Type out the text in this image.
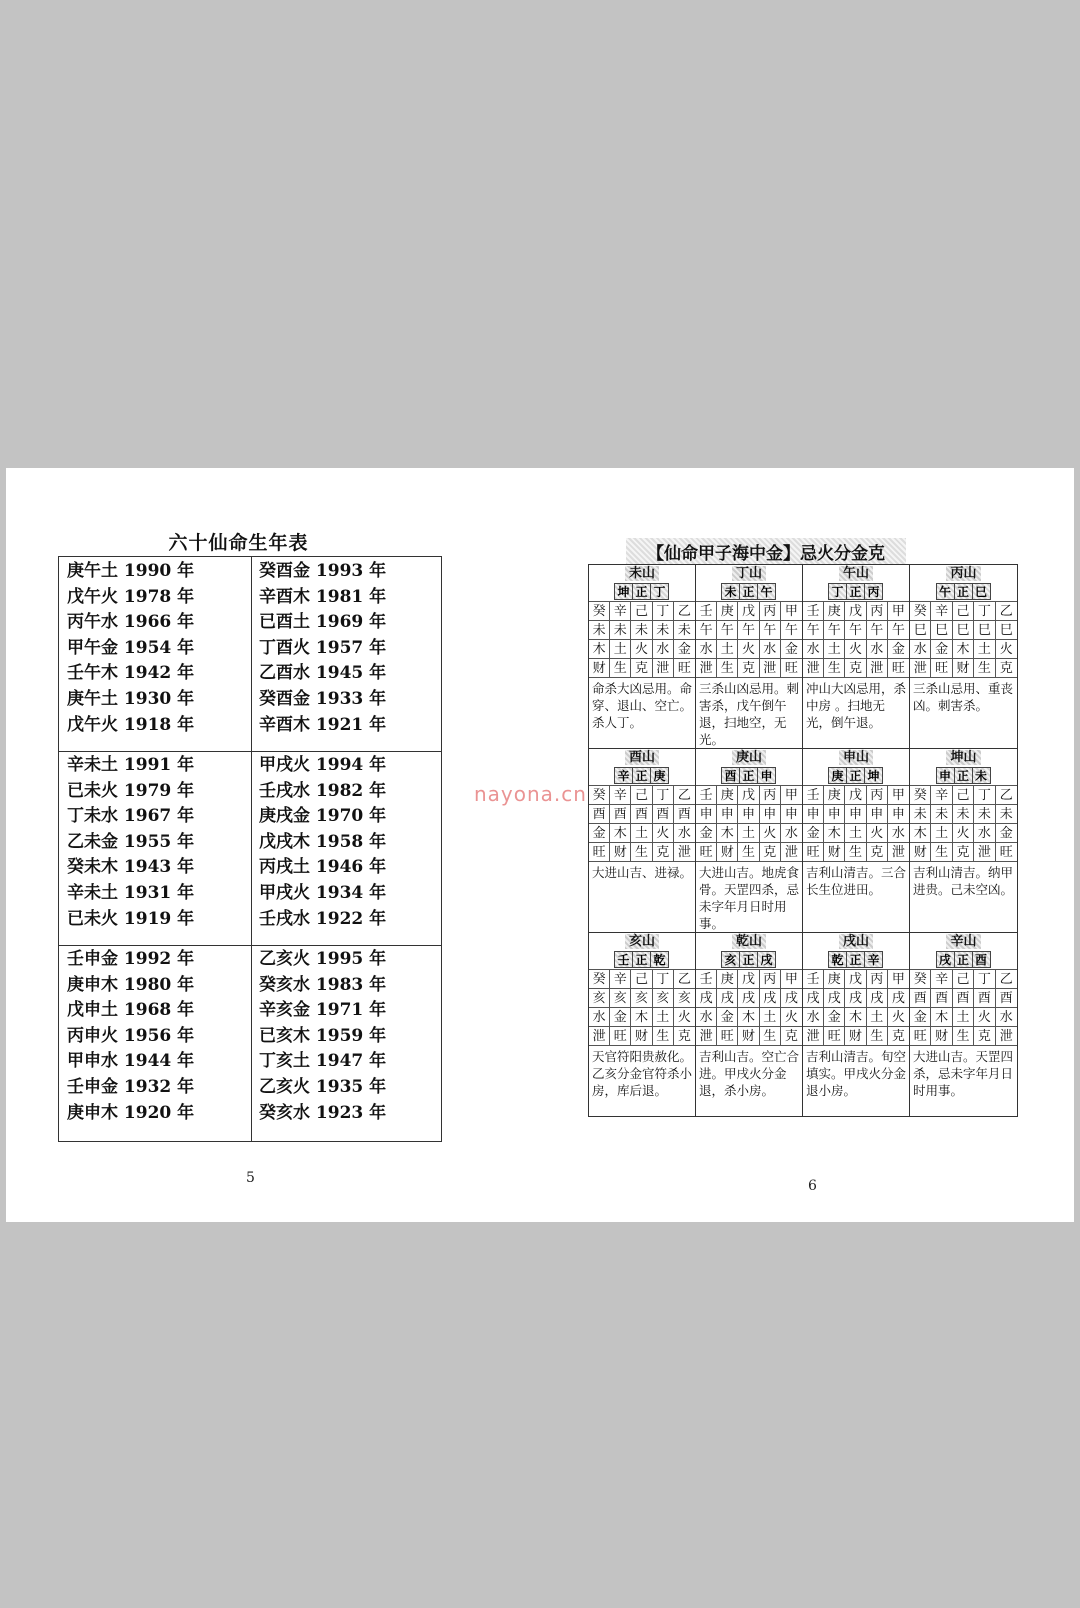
六十仙命生年表
庚午土 1990 年
戊午火 1978 年
丙午水 1966 年
甲午金 1954 年
壬午木 1942 年
庚午土 1930 年
戊午火 1918 年
癸酉金 1993 年
辛酉木 1981 年
已酉土 1969 年
丁酉火 1957 年
乙酉水 1945 年
癸酉金 1933 年
辛酉木 1921 年
辛未土 1991 年
已未火 1979 年
丁未水 1967 年
乙未金 1955 年
癸未木 1943 年
辛未土 1931 年
已未火 1919 年
甲戌火 1994 年
壬戌水 1982 年
庚戌金 1970 年
戊戌木 1958 年
丙戌土 1946 年
甲戌火 1934 年
壬戌水 1922 年
壬申金 1992 年
庚申木 1980 年
戊申土 1968 年
丙申火 1956 年
甲申水 1944 年
壬申金 1932 年
庚申木 1920 年
乙亥火 1995 年
癸亥水 1983 年
辛亥金 1971 年
已亥木 1959 年
丁亥土 1947 年
乙亥火 1935 年
癸亥水 1923 年
5
【仙命甲子海中金】忌火分金克
未山
坤 正 丁
癸 辛 己 丁 乙
未 未 未 未 未
木 土 火 水 金
财 生 克 泄 旺
命杀大凶忌用。命穿、退山、空亡。杀人丁。
丁山
未 正 午
壬 庚 戊 丙 甲
午 午 午 午 午
水 土 火 水 金
泄 生 克 泄 旺
三杀山凶忌用。刺害杀，戊午倒午退，扫地空，无光。
午山
丁 正 丙
壬 庚 戊 丙 甲
午 午 午 午 午
水 土 火 水 金
泄 生 克 泄 旺
冲山大凶忌用，杀中房 。扫地无光，倒午退。
丙山
午 正 巳
癸 辛 己 丁 乙
巳 巳 巳 巳 巳
水 金 木 土 火
泄 旺 财 生 克
三杀山忌用、重丧凶。刺害杀。
酉山
辛 正 庚
癸 辛 己 丁 乙
酉 酉 酉 酉 酉
金 木 土 火 水
旺 财 生 克 泄
大进山吉、进禄。
庚山
酉 正 申
壬 庚 戊 丙 甲
申 申 申 申 申
金 木 土 火 水
旺 财 生 克 泄
大进山吉。地虎食骨。天罡四杀，忌未字年月日时用事。
申山
庚 正 坤
壬 庚 戊 丙 甲
申 申 申 申 申
金 木 土 火 水
旺 财 生 克 泄
吉利山清吉。三合长生位进田。
坤山
申 正 未
癸 辛 己 丁 乙
未 未 未 未 未
木 土 火 水 金
财 生 克 泄 旺
吉利山清吉。纳甲进贵。己未空凶。
亥山
壬 正 乾
癸 辛 己 丁 乙
亥 亥 亥 亥 亥
水 金 木 土 火
泄 旺 财 生 克
天官符阳贵赦化。乙亥分金官符杀小房，库后退。
乾山
亥 正 戌
壬 庚 戊 丙 甲
戌 戌 戌 戌 戌
水 金 木 土 火
泄 旺 财 生 克
吉利山吉。空亡合进。甲戌火分金退，杀小房。
戌山
乾 正 辛
壬 庚 戊 丙 甲
戌 戌 戌 戌 戌
水 金 木 土 火
泄 旺 财 生 克
吉利山清吉。旬空填实。甲戌火分金退小房。
辛山
戌 正 酉
癸 辛 己 丁 乙
酉 酉 酉 酉 酉
金 木 土 火 水
旺 财 生 克 泄
大进山吉。天罡四杀，忌未字年月日时用事。
nayona.cn
6
